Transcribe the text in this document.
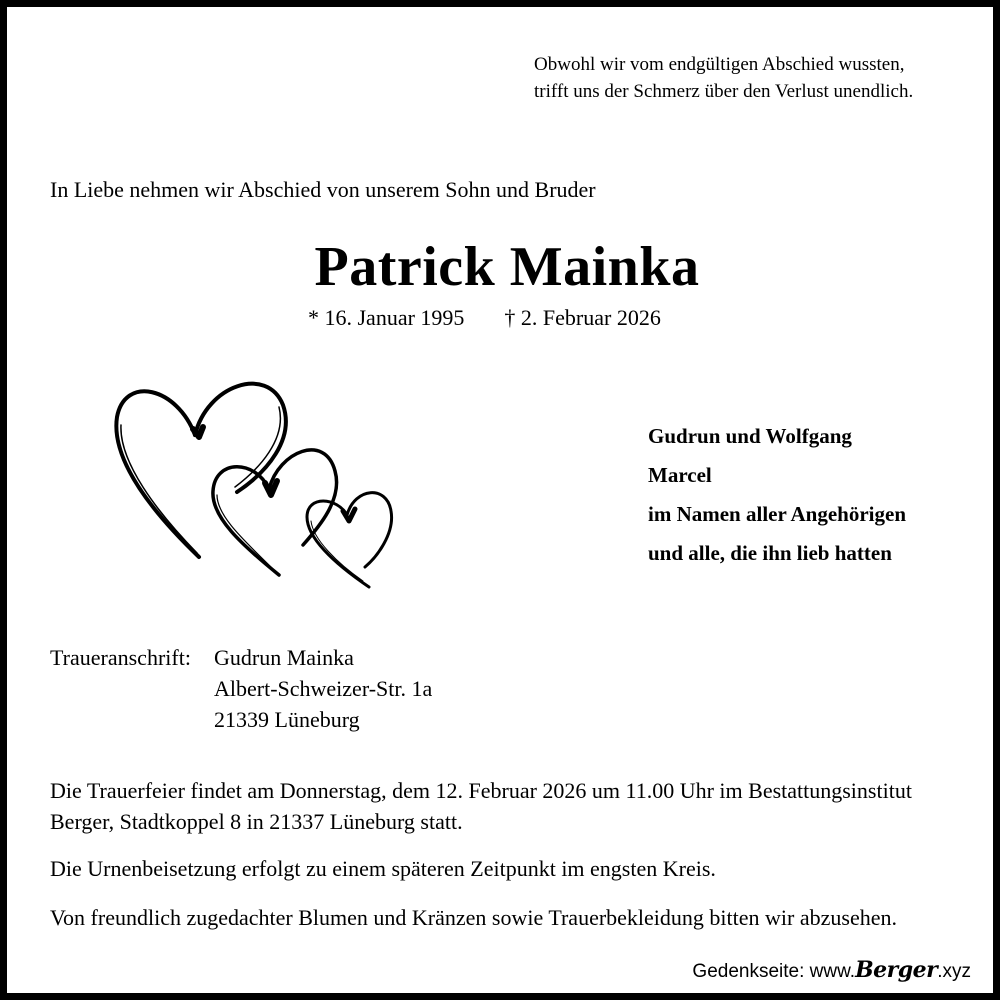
Obwohl wir vom endgültigen Abschied wussten,
trifft uns der Schmerz über den Verlust unendlich.
In Liebe nehmen wir Abschied von unserem Sohn und Bruder
Patrick Mainka
* 16. Januar 1995 † 2. Februar 2026
Gudrun und Wolfgang
Marcel
im Namen aller Angehörigen
und alle, die ihn lieb hatten
Traueranschrift: Gudrun Mainka
Albert-Schweizer-Str. 1a
21339 Lüneburg
Die Trauerfeier findet am Donnerstag, dem 12. Februar 2026 um 11.00 Uhr im Bestattungsinstitut Berger, Stadtkoppel 8 in 21337 Lüneburg statt.
Die Urnenbeisetzung erfolgt zu einem späteren Zeitpunkt im engsten Kreis.
Von freundlich zugedachter Blumen und Kränzen sowie Trauerbekleidung bitten wir abzusehen.
Gedenkseite: www.Berger.xyz
